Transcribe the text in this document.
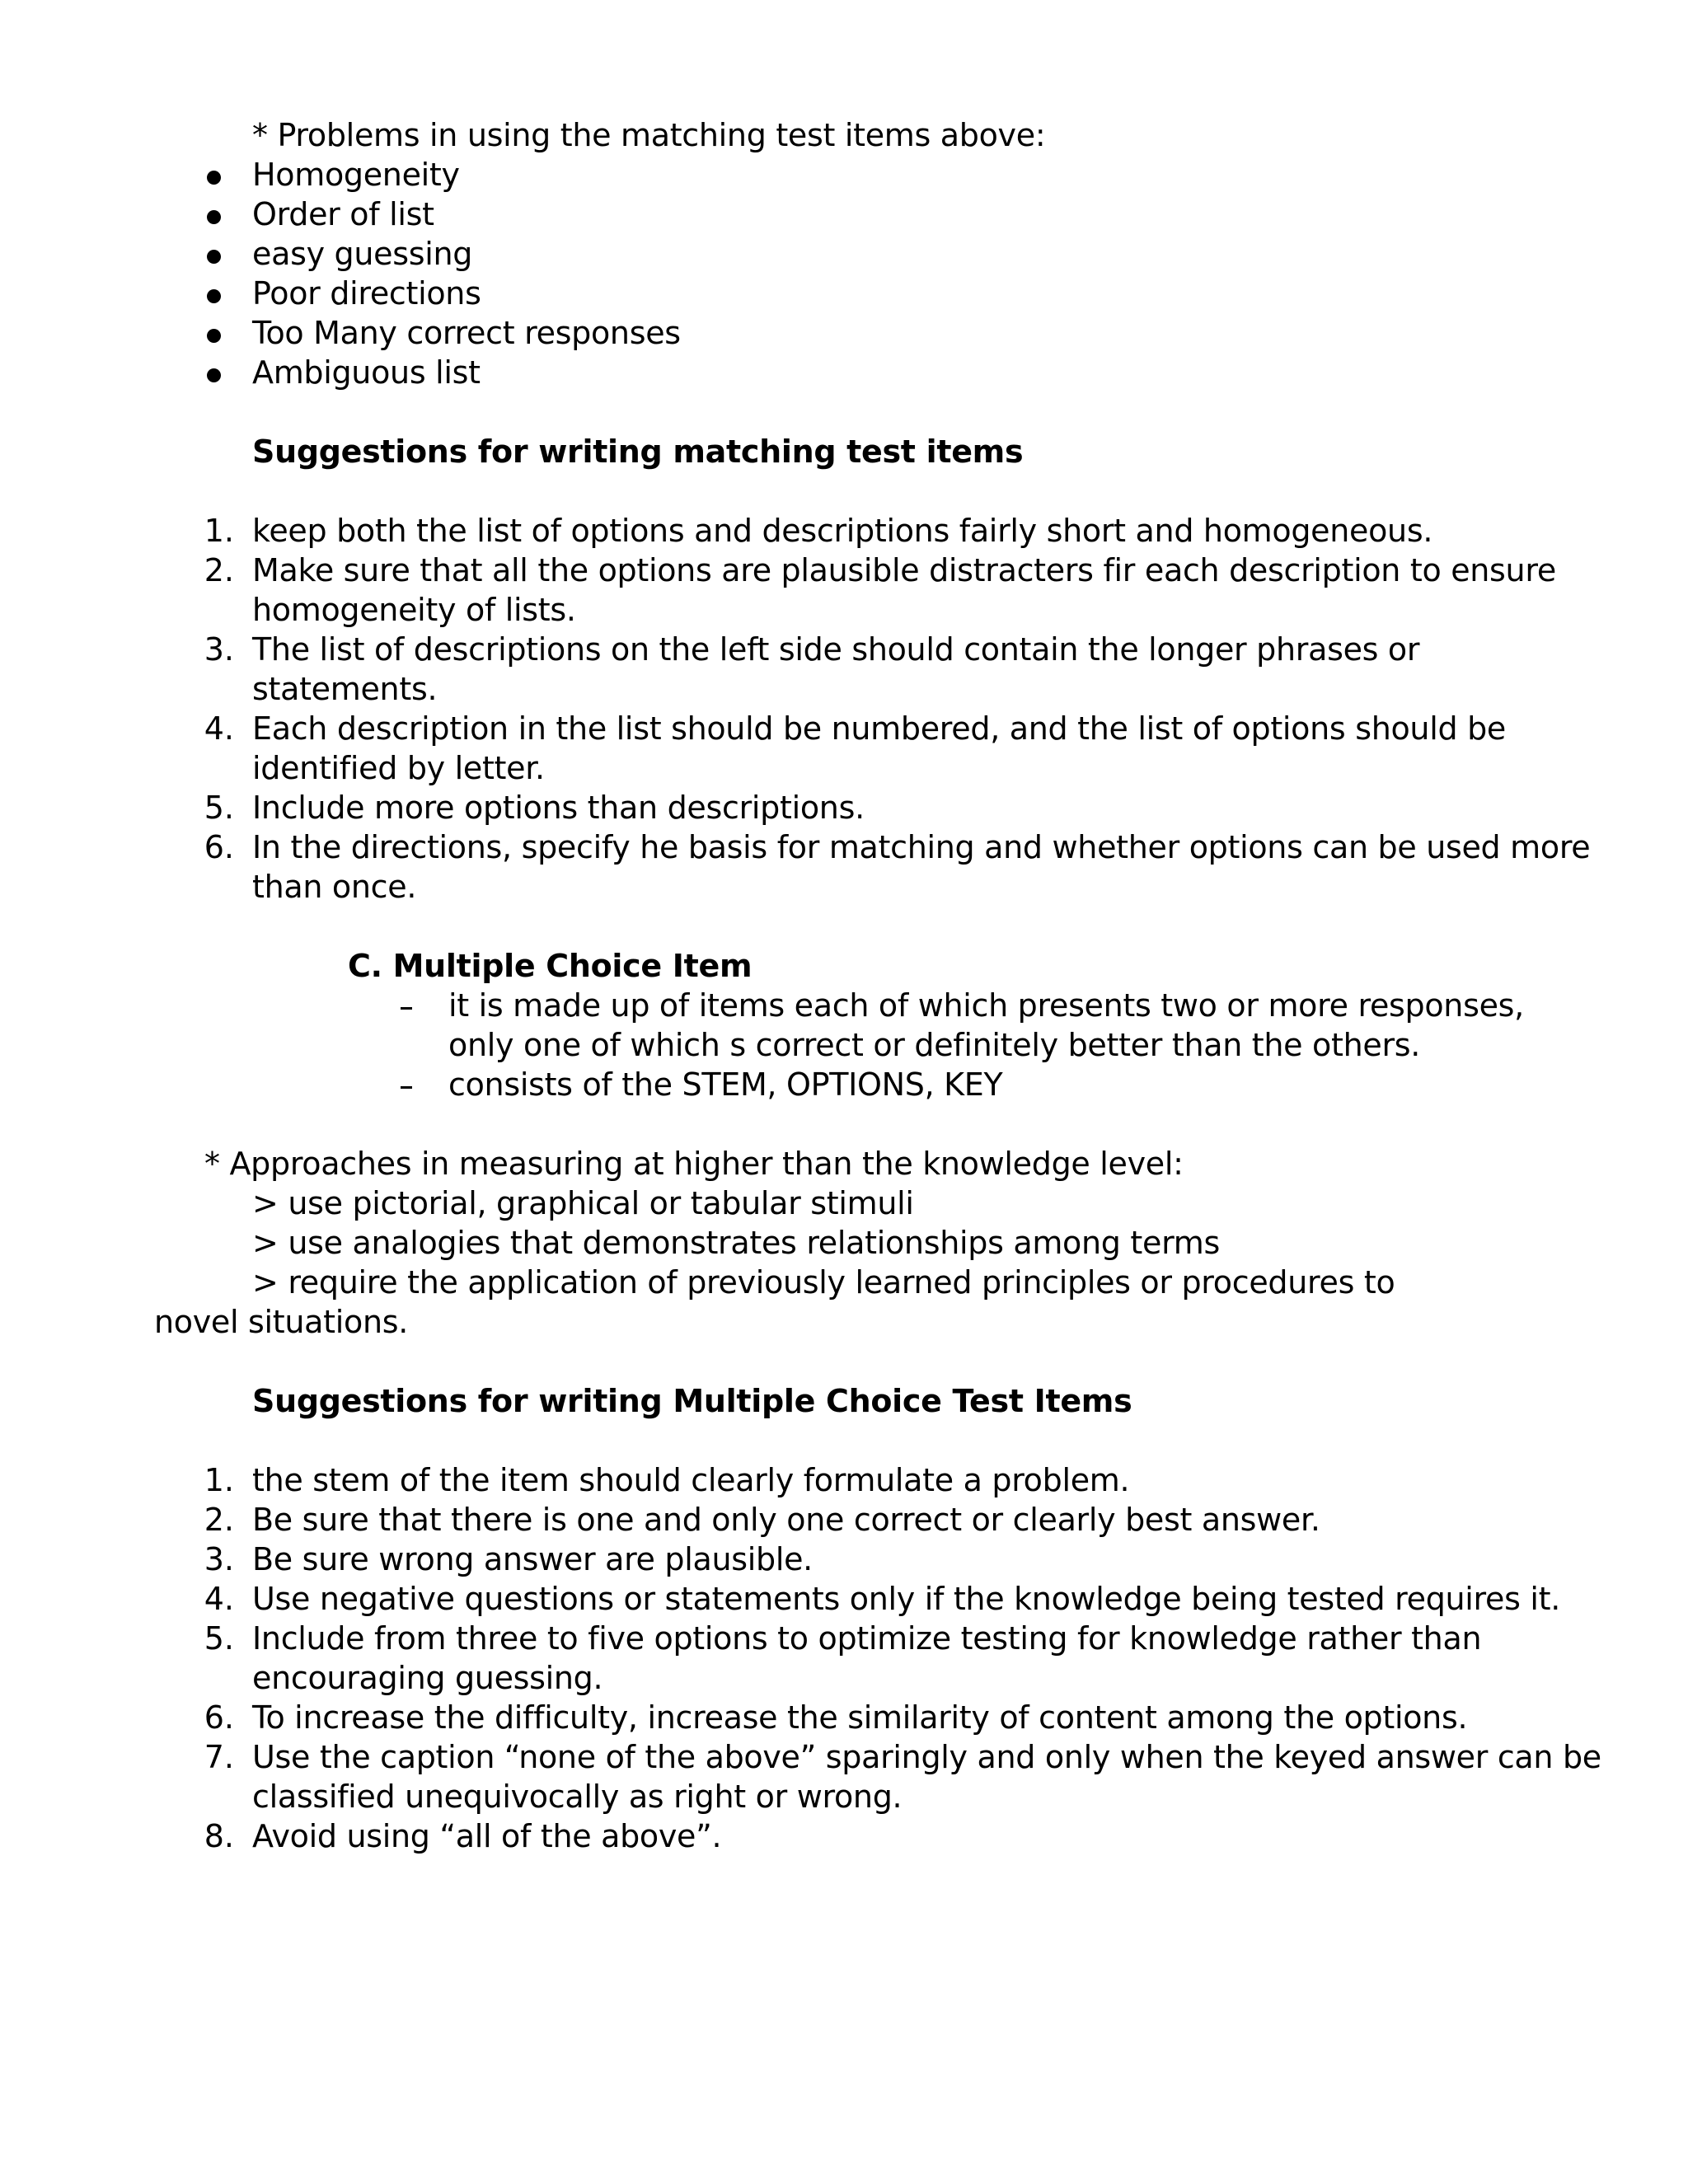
* Problems in using the matching test items above:
Homogeneity
Order of list
easy guessing
Poor directions
Too Many correct responses
Ambiguous list
Suggestions for writing matching test items
1. keep both the list of options and descriptions fairly short and homogeneous.
2. Make sure that all the options are plausible distracters fir each description to ensure
homogeneity of lists.
3. The list of descriptions on the left side should contain the longer phrases or
statements.
4. Each description in the list should be numbered, and the list of options should be
identified by letter.
5. Include more options than descriptions.
6. In the directions, specify he basis for matching and whether options can be used more
than once.
C. Multiple Choice Item
it is made up of items each of which presents two or more responses,
only one of which s correct or definitely better than the others.
consists of the STEM, OPTIONS, KEY
* Approaches in measuring at higher than the knowledge level:
> use pictorial, graphical or tabular stimuli
> use analogies that demonstrates relationships among terms
> require the application of previously learned principles or procedures to
novel situations.
Suggestions for writing Multiple Choice Test Items
1. the stem of the item should clearly formulate a problem.
2. Be sure that there is one and only one correct or clearly best answer.
3. Be sure wrong answer are plausible.
4. Use negative questions or statements only if the knowledge being tested requires it.
5. Include from three to five options to optimize testing for knowledge rather than
encouraging guessing.
6. To increase the difficulty, increase the similarity of content among the options.
7. Use the caption “none of the above” sparingly and only when the keyed answer can be
classified unequivocally as right or wrong.
8. Avoid using “all of the above”.
